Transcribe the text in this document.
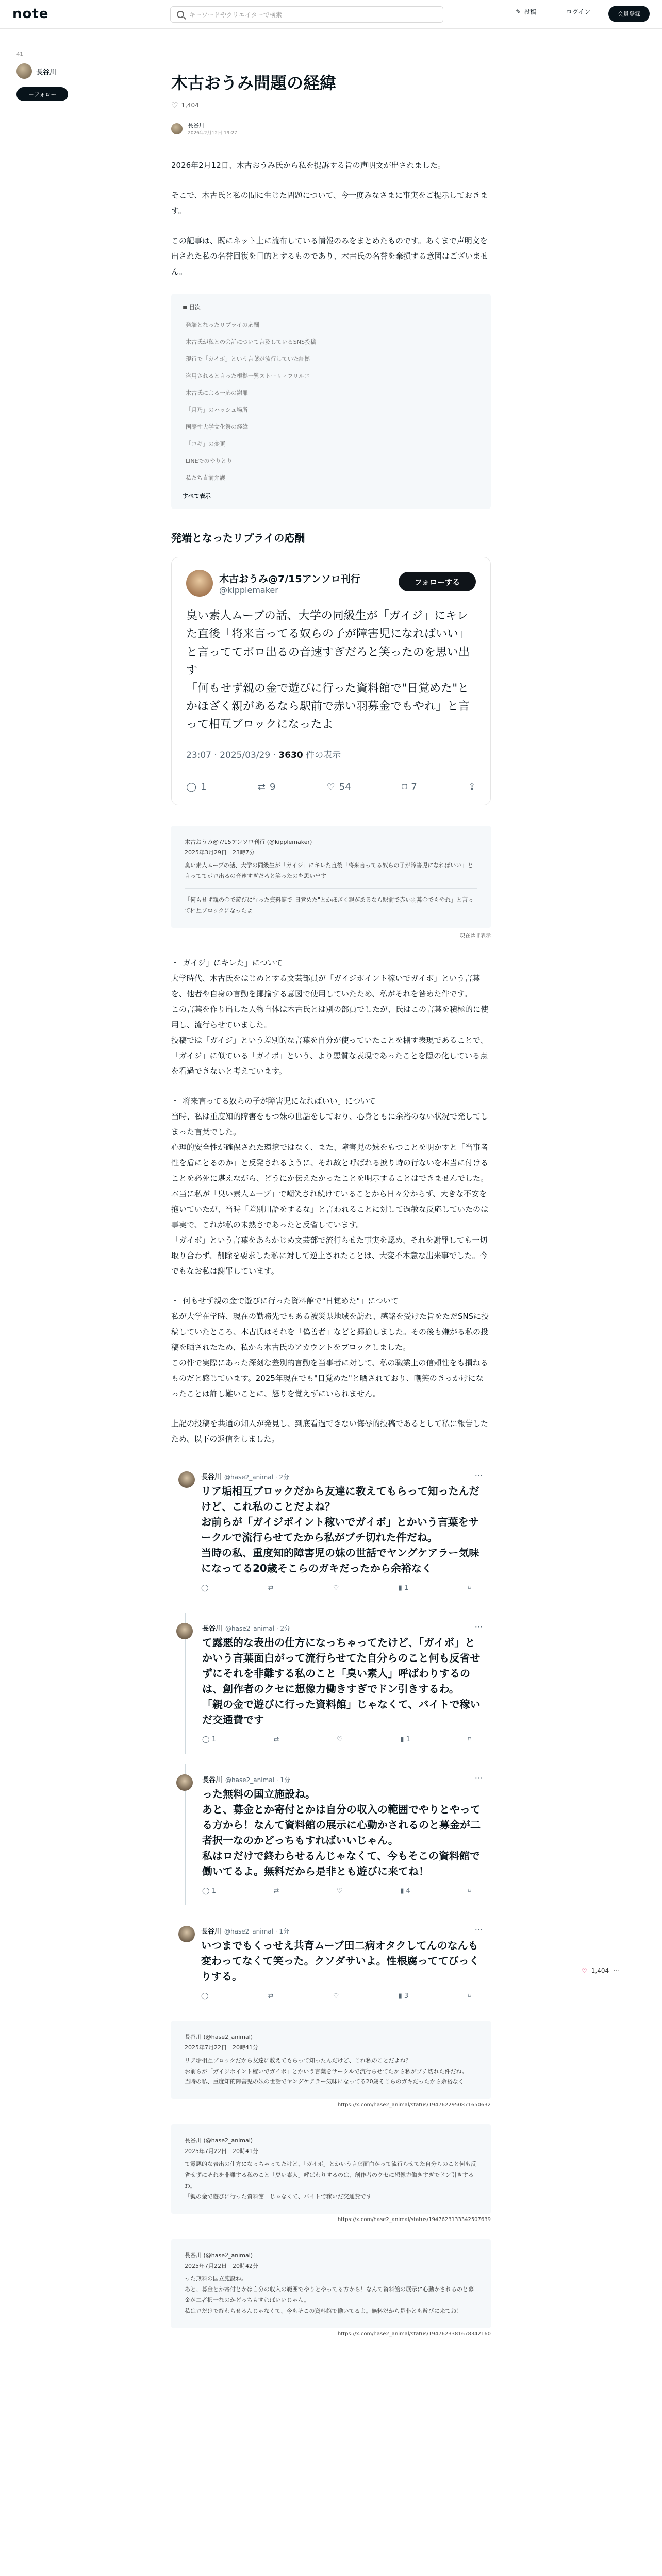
note	キーワードやクリエイターで検索	✎ 投稿	ログイン	会員登録
41
長谷川
＋ フォロー
木古おうみ問題の経緯
♡ 1,404
長谷川
2026年2月12日 19:27

2026年2月12日、木古おうみ氏から私を提訴する旨の声明文が出されました。

そこで、木古氏と私の間に生じた問題について、今一度みなさまに事実をご提示しておきます。

この記事は、既にネット上に流布している情報のみをまとめたものです。あくまで声明文を出された私の名誉回復を目的とするものであり、木古氏の名誉を棄損する意図はございません。

≡ 目次
発端となったリプライの応酬
木古氏が私との会話について言及しているSNS投稿
現行で「ガイボ」という言葉が流行していた証拠
盗用されると言った根拠一覧ストーリィフリルエ
木古氏による一応の謝罪
「月乃」のハッシュ場所
国際性大学文化祭の経緯
「コギ」の変更
LINEでのやりとり
私たち直前弁護
すべて表示
発端となったリプライの応酬
木古おうみ@7/15アンソロ刊行
@kipplemaker
フォローする
臭い素人ムーブの話、大学の同級生が「ガイジ」にキレた直後「将来言ってる奴らの子が障害児になればいい」と言っててボロ出るの音速すぎだろと笑ったのを思い出す
「何もせず親の金で遊びに行った資料館で"日覚めた"とかほざく親があるなら駅前で赤い羽募金でもやれ」と言って相互ブロックになったよ
23:07 · 2025/03/29 · 3630 件の表示
◯ 1	⇄ 9	♡ 54	⌑ 7	⇪
木古おうみ@7/15アンソロ刊行 (@kipplemaker)
2025年3月29日　23時7分
臭い素人ムーブの話、大学の同級生が「ガイジ」にキレた直後「将来言ってる奴らの子が障害児になればいい」と言っててボロ出るの音速すぎだろと笑ったのを思い出す
「何もせず親の金で遊びに行った資料館で"日覚めた"とかほざく親があるなら駅前で赤い羽募金でもやれ」と言って相互ブロックになったよ
現在は非表示

・「ガイジ」にキレた」について
大学時代、木古氏をはじめとする文芸部員が「ガイジポイント稼いでガイボ」という言葉を、他者や自身の言動を揶揄する意図で使用していたため、私がそれを咎めた件です。
この言葉を作り出した人物自体は木古氏とは別の部員でしたが、氏はこの言葉を積極的に使用し、流行らせていました。
投稿では「ガイジ」という差別的な言葉を自分が使っていたことを棚す表現であることで、「ガイジ」に似ている「ガイボ」という、より悪質な表現であったことを隠の化している点を看過できないと考えています。

・「将来言ってる奴らの子が障害児になればいい」について
当時、私は重度知的障害をもつ妹の世話をしており、心身ともに余裕のない状況で発してしまった言葉でした。
心理的安全性が確保された環境ではなく、また、障害児の妹をもつことを明かすと「当事者性を盾にとるのか」と反発されるように、それ故と呼ばれる捩り時の行ないを本当に付けることを必死に堪えながら、どうにか伝えたかったことを明示することはできませんでした。
本当に私が「臭い素人ムーブ」で嘲笑され続けていることから日々分からず、大きな不安を抱いていたが、当時「差別用語をするな」と言われることに対して過敏な反応していたのは事実で、これが私の未熟さであったと反省しています。
「ガイボ」という言葉をあらかじめ文芸部で流行らせた事実を認め、それを謝罪しても一切取り合わず、削除を要求した私に対して逆上されたことは、大変不本意な出来事でした。今でもなお私は謝罪しています。

・「何もせず親の金で遊びに行った資料館で"日覚めた"」について
私が大学在学時、現在の勤務先でもある被災県地域を訪れ、感銘を受けた旨をただSNSに投稿していたところ、木古氏はそれを「偽善者」などと揶揄しました。その後も嫌がる私の投稿を晒されたため、私から木古氏のアカウントをブロックしました。
この件で実際にあった深刻な差別的言動を当事者に対して、私の職業上の信頼性をも損ねるものだと感じています。2025年現在でも"日覚めた"と晒されており、嘲笑のきっかけになったことは許し難いことに、怒りを覚えずにいられません。

上記の投稿を共通の知人が発見し、到底看過できない侮辱的投稿であるとして私に報告したため、以下の返信をしました。

長谷川 @hase2_animal · 2分	···
リア垢相互ブロックだから友達に教えてもらって知ったんだけど、これ私のことだよね？
お前らが「ガイジポイント稼いでガイボ」とかいう言葉をサークルで流行らせてたから私がブチ切れた件だね。
当時の私、重度知的障害児の妹の世話でヤングケアラー気味になってる20歳そこらのガキだったから余裕なく
◯	⇄	♡	▮ 1	⌑
長谷川 @hase2_animal · 2分	···
て露悪的な表出の仕方になっちゃってたけど、「ガイボ」とかいう言葉面白がって流行らせてた自分らのこと何も反省せずにそれを非難する私のこと「臭い素人」呼ばわりするのは、創作者のクセに想像力働きすぎでドン引きするわ。
「親の金で遊びに行った資料館」じゃなくて、バイトで稼いだ交通費です
◯ 1	⇄	♡	▮ 1	⌑
長谷川 @hase2_animal · 1分	···
った無料の国立施設ね。
あと、募金とか寄付とかは自分の収入の範囲でやりとやってる方から！なんて資料館の展示に心動かされるのと募金が二者択一なのかどっちもすればいいじゃん。
私はロだけで終わらせるんじゃなくて、今もそこの資料館で働いてるよ。無料だから是非とも遊びに来てね！
◯ 1	⇄	♡	▮ 4	⌑
長谷川 @hase2_animal · 1分	···
いつまでもくっせえ共育ムーブ田二病オタクしてんのなんも変わってなくて笑った。クソダサいよ。性根腐っててびっくりする。
◯	⇄	♡	▮ 3	⌑
長谷川 (@hase2_animal)
2025年7月22日　20時41分
リア垢相互ブロックだから友達に教えてもらって知ったんだけど、これ私のことだよね？
お前らが「ガイジポイント稼いでガイボ」とかいう言葉をサークルで流行らせてたから私がブチ切れた件だね。
当時の私、重度知的障害児の妹の世話でヤングケアラー気味になってる20歳そこらのガキだったから余裕なく
https://x.com/hase2_animal/status/1947622950871650632
長谷川 (@hase2_animal)
2025年7月22日　20時41分
て露悪的な表出の仕方になっちゃってたけど、「ガイボ」とかいう言葉面白がって流行らせてた自分らのこと何も反省せずにそれを非難する私のこと「臭い素人」呼ばわりするのは、創作者のクセに想像力働きすぎでドン引きするわ。
「親の金で遊びに行った資料館」じゃなくて、バイトで稼いだ交通費です
https://x.com/hase2_animal/status/1947623133342507639
長谷川 (@hase2_animal)
2025年7月22日　20時42分
った無料の国立施設ね。
あと、募金とか寄付とかは自分の収入の範囲でやりとやってる方から！なんて資料館の展示に心動かされるのと募金が二者択一なのかどっちもすればいいじゃん。
私はロだけで終わらせるんじゃなくて、今もそこの資料館で働いてるよ。無料だから是非とも遊びに来てね！
https://x.com/hase2_animal/status/1947623381678342160
♡ 1,404 ···
